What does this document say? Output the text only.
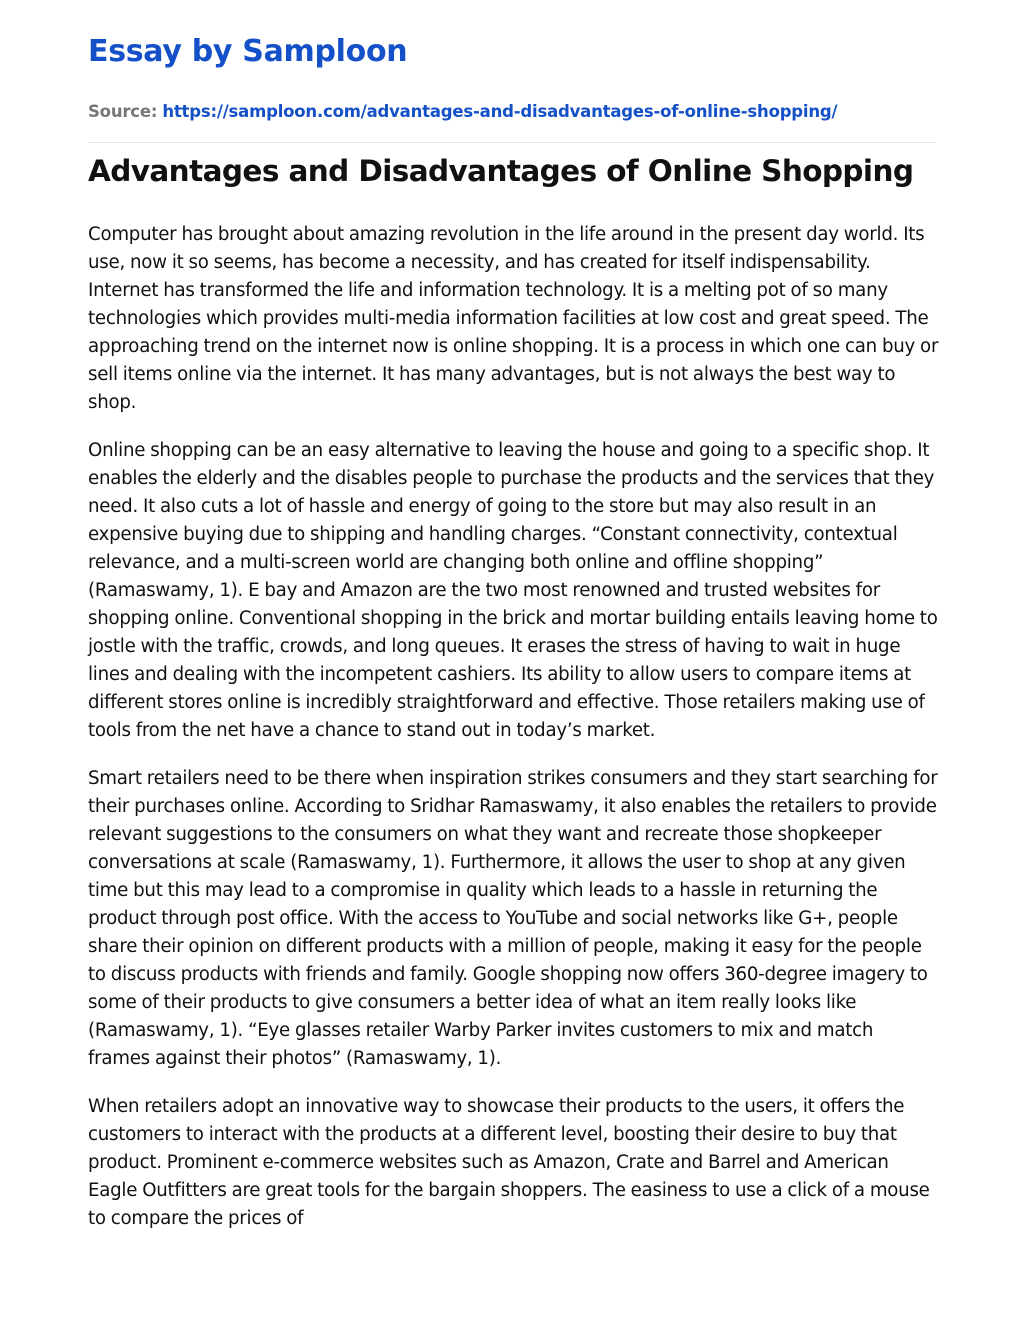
Essay by Samploon
Source: https://samploon.com/advantages-and-disadvantages-of-online-shopping/
Advantages and Disadvantages of Online Shopping

Computer has brought about amazing revolution in the life around in the present day world. Its use, now it so seems, has become a necessity, and has created for itself indispensability. Internet has transformed the life and information technology. It is a melting pot of so many technologies which provides multi-media information facilities at low cost and great speed. The approaching trend on the internet now is online shopping. It is a process in which one can buy or sell items online via the internet. It has many advantages, but is not always the best way to shop.

Online shopping can be an easy alternative to leaving the house and going to a specific shop. It enables the elderly and the disables people to purchase the products and the services that they need. It also cuts a lot of hassle and energy of going to the store but may also result in an expensive buying due to shipping and handling charges. “Constant connectivity, contextual relevance, and a multi-screen world are changing both online and offline shopping” (Ramaswamy, 1). E bay and Amazon are the two most renowned and trusted websites for shopping online. Conventional shopping in the brick and mortar building entails leaving home to jostle with the traffic, crowds, and long queues. It erases the stress of having to wait in huge lines and dealing with the incompetent cashiers. Its ability to allow users to compare items at different stores online is incredibly straightforward and effective. Those retailers making use of tools from the net have a chance to stand out in today’s market.

Smart retailers need to be there when inspiration strikes consumers and they start searching for their purchases online. According to Sridhar Ramaswamy, it also enables the retailers to provide relevant suggestions to the consumers on what they want and recreate those shopkeeper conversations at scale (Ramaswamy, 1). Furthermore, it allows the user to shop at any given time but this may lead to a compromise in quality which leads to a hassle in returning the product through post office. With the access to YouTube and social networks like G+, people share their opinion on different products with a million of people, making it easy for the people to discuss products with friends and family. Google shopping now offers 360-degree imagery to some of their products to give consumers a better idea of what an item really looks like (Ramaswamy, 1). “Eye glasses retailer Warby Parker invites customers to mix and match frames against their photos” (Ramaswamy, 1).

When retailers adopt an innovative way to showcase their products to the users, it offers the customers to interact with the products at a different level, boosting their desire to buy that product. Prominent e-commerce websites such as Amazon, Crate and Barrel and American Eagle Outfitters are great tools for the bargain shoppers. The easiness to use a click of a mouse to compare the prices of
